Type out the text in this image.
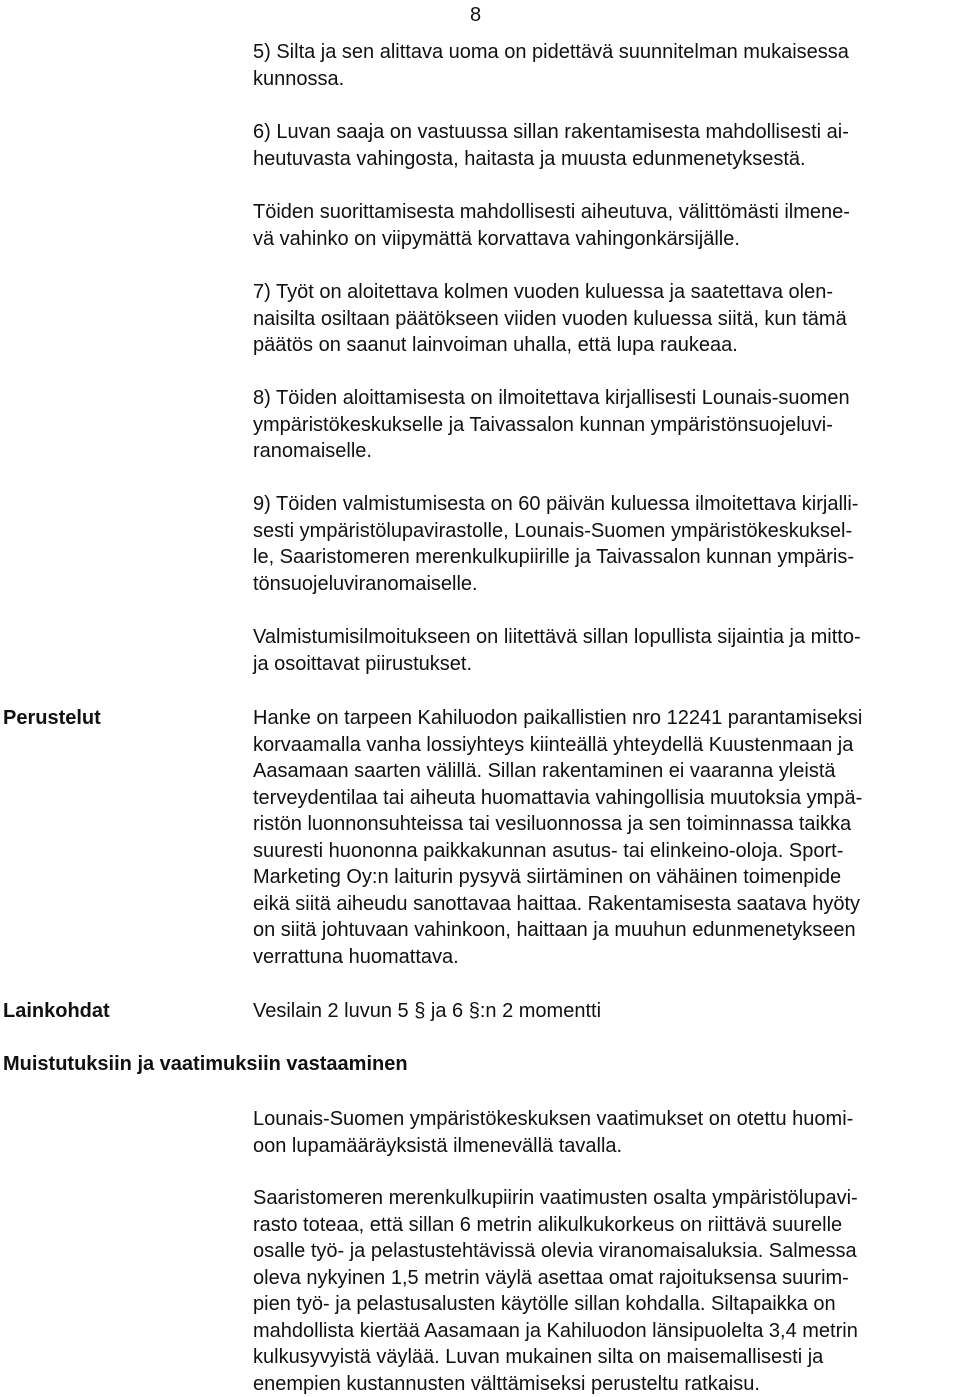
8
5) Silta ja sen alittava uoma on pidettävä suunnitelman mukaisessa
kunnossa.
6) Luvan saaja on vastuussa sillan rakentamisesta mahdollisesti ai-
heutuvasta vahingosta, haitasta ja muusta edunmenetyksestä.
Töiden suorittamisesta mahdollisesti aiheutuva, välittömästi ilmene-
vä vahinko on viipymättä korvattava vahingonkärsijälle.
7) Työt on aloitettava kolmen vuoden kuluessa ja saatettava olen-
naisilta osiltaan päätökseen viiden vuoden kuluessa siitä, kun tämä
päätös on saanut lainvoiman uhalla, että lupa raukeaa.
8) Töiden aloittamisesta on ilmoitettava kirjallisesti Lounais-suomen
ympäristökeskukselle ja Taivassalon kunnan ympäristönsuojeluvi-
ranomaiselle.
9) Töiden valmistumisesta on 60 päivän kuluessa ilmoitettava kirjalli-
sesti ympäristölupavirastolle, Lounais-Suomen ympäristökeskuksel-
le, Saaristomeren merenkulkupiirille ja Taivassalon kunnan ympäris-
tönsuojeluviranomaiselle.
Valmistumisilmoitukseen on liitettävä sillan lopullista sijaintia ja mitto-
ja osoittavat piirustukset.
Perustelut	Hanke on tarpeen Kahiluodon paikallistien nro 12241 parantamiseksi
korvaamalla vanha lossiyhteys kiinteällä yhteydellä Kuustenmaan ja
Aasamaan saarten välillä. Sillan rakentaminen ei vaaranna yleistä
terveydentilaa tai aiheuta huomattavia vahingollisia muutoksia ympä-
ristön luonnonsuhteissa tai vesiluonnossa ja sen toiminnassa taikka
suuresti huononna paikkakunnan asutus- tai elinkeino-oloja. Sport-
Marketing Oy:n laiturin pysyvä siirtäminen on vähäinen toimenpide
eikä siitä aiheudu sanottavaa haittaa. Rakentamisesta saatava hyöty
on siitä johtuvaan vahinkoon, haittaan ja muuhun edunmenetykseen
verrattuna huomattava.
Lainkohdat	Vesilain 2 luvun 5 § ja 6 §:n 2 momentti
Muistutuksiin ja vaatimuksiin vastaaminen
Lounais-Suomen ympäristökeskuksen vaatimukset on otettu huomi-
oon lupamääräyksistä ilmenevällä tavalla.
Saaristomeren merenkulkupiirin vaatimusten osalta ympäristölupavi-
rasto toteaa, että sillan 6 metrin alikulkukorkeus on riittävä suurelle
osalle työ- ja pelastustehtävissä olevia viranomaisaluksia. Salmessa
oleva nykyinen 1,5 metrin väylä asettaa omat rajoituksensa suurim-
pien työ- ja pelastusalusten käytölle sillan kohdalla. Siltapaikka on
mahdollista kiertää Aasamaan ja Kahiluodon länsipuolelta 3,4 metrin
kulkusyvyistä väylää. Luvan mukainen silta on maisemallisesti ja
enempien kustannusten välttämiseksi perusteltu ratkaisu.
